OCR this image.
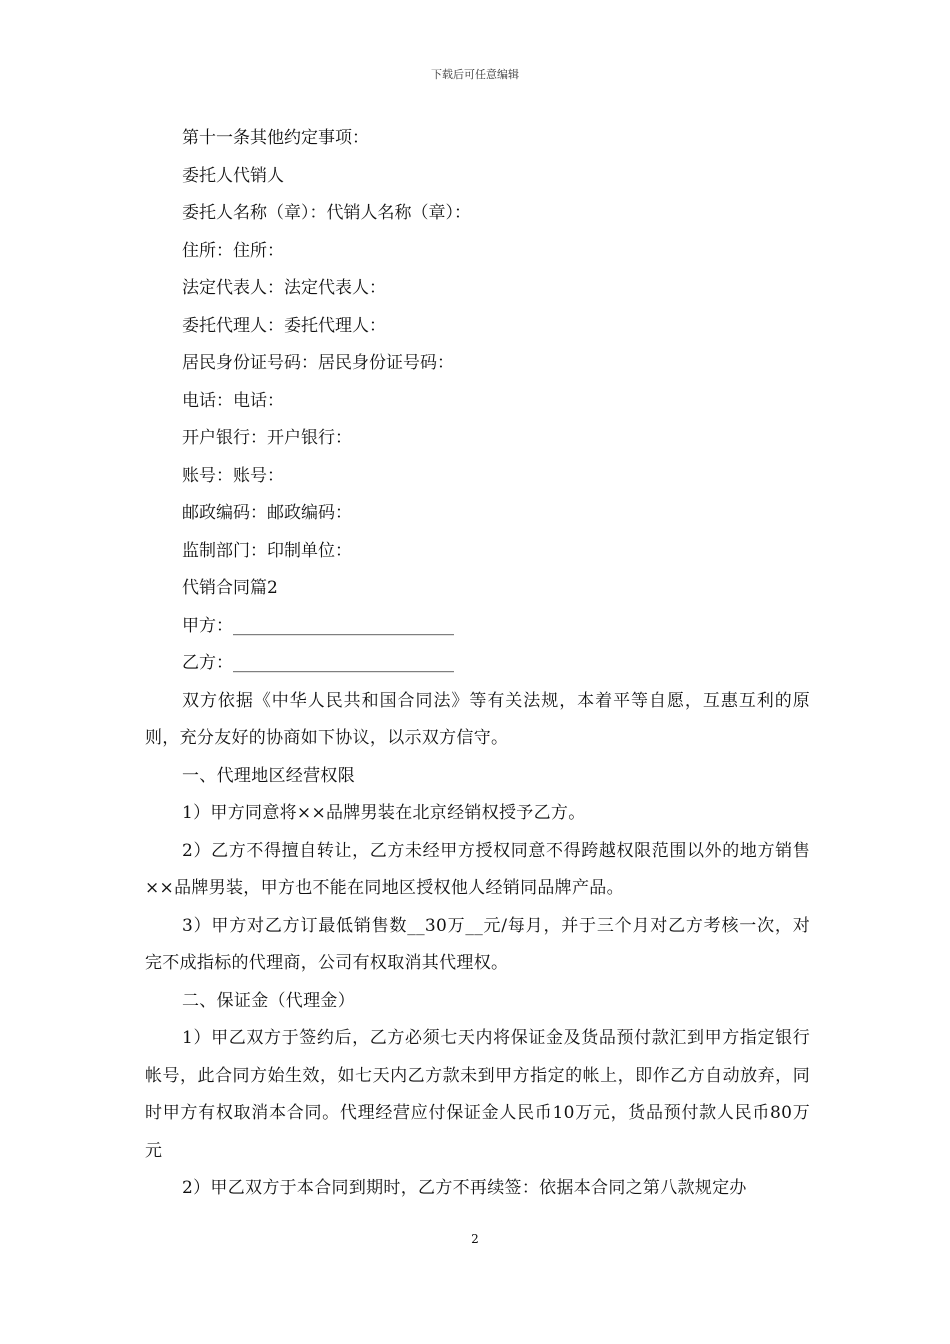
下载后可任意编辑
第十一条其他约定事项：
委托人代销人
委托人名称（章）：代销人名称（章）：
住所：住所：
法定代表人：法定代表人：
委托代理人：委托代理人：
居民身份证号码：居民身份证号码：
电话：电话：
开户银行：开户银行：
账号：账号：
邮政编码：邮政编码：
监制部门：印制单位：
代销合同篇2
甲方：__________________________
乙方：__________________________

双方依据《中华人民共和国合同法》等有关法规，本着平等自愿，互惠互利的原则，充分友好的协商如下协议，以示双方信守。

一、代理地区经营权限

1）甲方同意将××品牌男装在北京经销权授予乙方。

2）乙方不得擅自转让，乙方未经甲方授权同意不得跨越权限范围以外的地方销售××品牌男装，甲方也不能在同地区授权他人经销同品牌产品。

3）甲方对乙方订最低销售数__30万__元/每月，并于三个月对乙方考核一次，对完不成指标的代理商，公司有权取消其代理权。

二、保证金（代理金）

1）甲乙双方于签约后，乙方必须七天内将保证金及货品预付款汇到甲方指定银行帐号，此合同方始生效，如七天内乙方款未到甲方指定的帐上，即作乙方自动放弃，同时甲方有权取消本合同。代理经营应付保证金人民币10万元，货品预付款人民币80万元

2）甲乙双方于本合同到期时，乙方不再续签：依据本合同之第八款规定办

2
